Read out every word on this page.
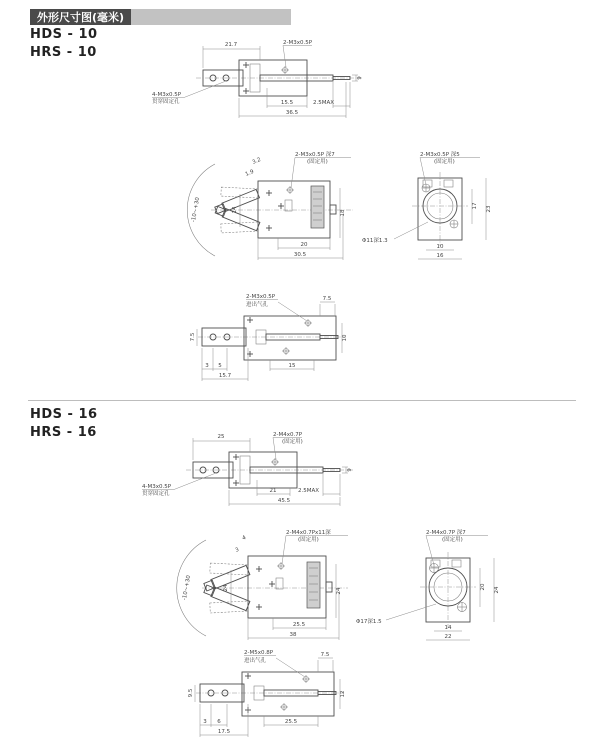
外形尺寸图(毫米)
HDS - 10
HRS - 10	21.7	2-M3x0.5P
15.5	2.5MAX
36.5
9
4-M3x0.5P
贯穿固定孔
2-M3x0.5P 深7
(固定用)
-10~+30	14
3.2
1.9
18
20
30.5
2-M3x0.5P 深5
(固定用)
Φ11深1.3
17 23
10
16
2-M3x0.5P
进出气孔
7.5
10
15
3 5
15.7
7.5
HDS - 16
HRS - 16	25	2-M4x0.7P
(固定用)
21	2.5MAX
45.5
9
4-M3x0.5P
贯穿固定孔
2-M4x0.7Px11深
(固定用)
-10~+30	24
4
3
24
25.5
38
2-M4x0.7P 深7
(固定用)
Φ17深1.5
20 24
14
22
2-M5x0.8P
进出气孔
7.5
12
25.5
3 6
17.5
9.5
